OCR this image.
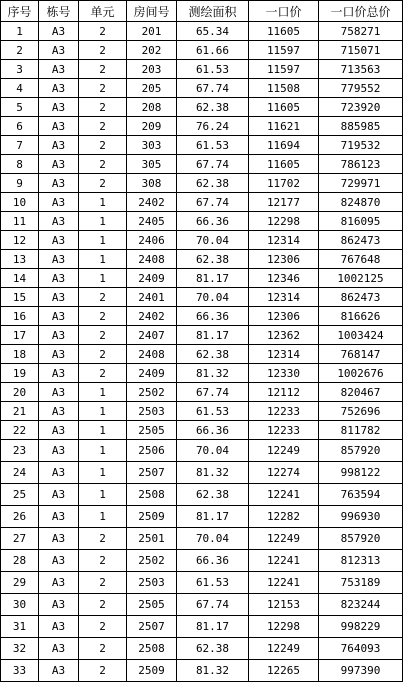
序号	栋号	单元	房间号	测绘面积	一口价	一口价总价
1	A3	2	201	65.34	11605	758271
2	A3	2	202	61.66	11597	715071
3	A3	2	203	61.53	11597	713563
4	A3	2	205	67.74	11508	779552
5	A3	2	208	62.38	11605	723920
6	A3	2	209	76.24	11621	885985
7	A3	2	303	61.53	11694	719532
8	A3	2	305	67.74	11605	786123
9	A3	2	308	62.38	11702	729971
10	A3	1	2402	67.74	12177	824870
11	A3	1	2405	66.36	12298	816095
12	A3	1	2406	70.04	12314	862473
13	A3	1	2408	62.38	12306	767648
14	A3	1	2409	81.17	12346	1002125
15	A3	2	2401	70.04	12314	862473
16	A3	2	2402	66.36	12306	816626
17	A3	2	2407	81.17	12362	1003424
18	A3	2	2408	62.38	12314	768147
19	A3	2	2409	81.32	12330	1002676
20	A3	1	2502	67.74	12112	820467
21	A3	1	2503	61.53	12233	752696
22	A3	1	2505	66.36	12233	811782
23	A3	1	2506	70.04	12249	857920
24	A3	1	2507	81.32	12274	998122
25	A3	1	2508	62.38	12241	763594
26	A3	1	2509	81.17	12282	996930
27	A3	2	2501	70.04	12249	857920
28	A3	2	2502	66.36	12241	812313
29	A3	2	2503	61.53	12241	753189
30	A3	2	2505	67.74	12153	823244
31	A3	2	2507	81.17	12298	998229
32	A3	2	2508	62.38	12249	764093
33	A3	2	2509	81.32	12265	997390
